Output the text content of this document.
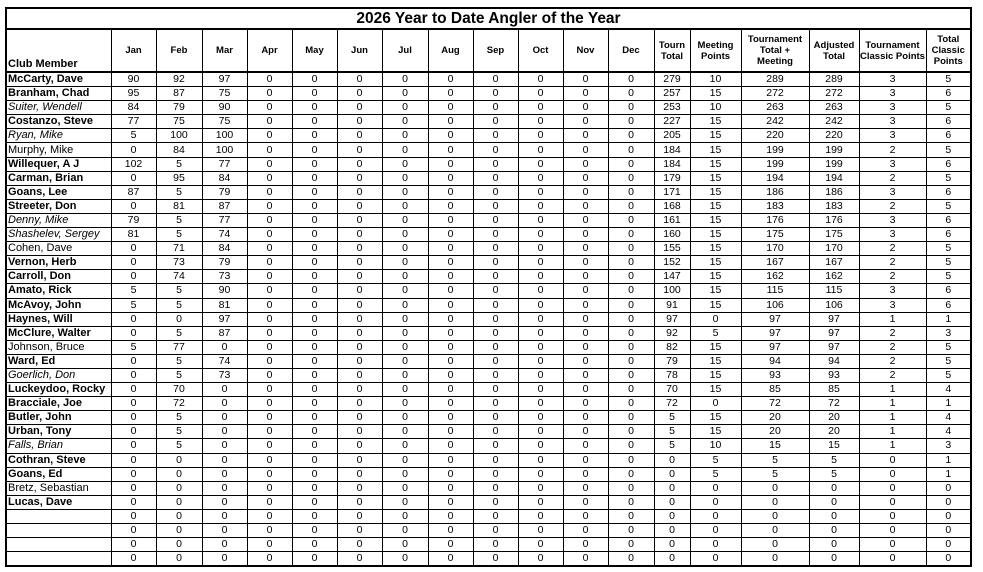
2026 Year to Date Angler of the Year
Club Member	Jan	Feb	Mar	Apr	May	Jun	Jul	Aug	Sep	Oct	Nov	Dec	Tourn Total	Meeting Points	Tournament Total + Meeting	Adjusted Total	Tournament Classic Points	Total Classic Points
McCarty, Dave	90	92	97	0	0	0	0	0	0	0	0	0	279	10	289	289	3	5
Branham, Chad	95	87	75	0	0	0	0	0	0	0	0	0	257	15	272	272	3	6
Suiter, Wendell	84	79	90	0	0	0	0	0	0	0	0	0	253	10	263	263	3	5
Costanzo, Steve	77	75	75	0	0	0	0	0	0	0	0	0	227	15	242	242	3	6
Ryan, Mike	5	100	100	0	0	0	0	0	0	0	0	0	205	15	220	220	3	6
Murphy, Mike	0	84	100	0	0	0	0	0	0	0	0	0	184	15	199	199	2	5
Willequer, A J	102	5	77	0	0	0	0	0	0	0	0	0	184	15	199	199	3	6
Carman, Brian	0	95	84	0	0	0	0	0	0	0	0	0	179	15	194	194	2	5
Goans, Lee	87	5	79	0	0	0	0	0	0	0	0	0	171	15	186	186	3	6
Streeter, Don	0	81	87	0	0	0	0	0	0	0	0	0	168	15	183	183	2	5
Denny, Mike	79	5	77	0	0	0	0	0	0	0	0	0	161	15	176	176	3	6
Shashelev, Sergey	81	5	74	0	0	0	0	0	0	0	0	0	160	15	175	175	3	6
Cohen, Dave	0	71	84	0	0	0	0	0	0	0	0	0	155	15	170	170	2	5
Vernon, Herb	0	73	79	0	0	0	0	0	0	0	0	0	152	15	167	167	2	5
Carroll, Don	0	74	73	0	0	0	0	0	0	0	0	0	147	15	162	162	2	5
Amato, Rick	5	5	90	0	0	0	0	0	0	0	0	0	100	15	115	115	3	6
McAvoy, John	5	5	81	0	0	0	0	0	0	0	0	0	91	15	106	106	3	6
Haynes, Will	0	0	97	0	0	0	0	0	0	0	0	0	97	0	97	97	1	1
McClure, Walter	0	5	87	0	0	0	0	0	0	0	0	0	92	5	97	97	2	3
Johnson, Bruce	5	77	0	0	0	0	0	0	0	0	0	0	82	15	97	97	2	5
Ward, Ed	0	5	74	0	0	0	0	0	0	0	0	0	79	15	94	94	2	5
Goerlich, Don	0	5	73	0	0	0	0	0	0	0	0	0	78	15	93	93	2	5
Luckeydoo, Rocky	0	70	0	0	0	0	0	0	0	0	0	0	70	15	85	85	1	4
Bracciale, Joe	0	72	0	0	0	0	0	0	0	0	0	0	72	0	72	72	1	1
Butler, John	0	5	0	0	0	0	0	0	0	0	0	0	5	15	20	20	1	4
Urban, Tony	0	5	0	0	0	0	0	0	0	0	0	0	5	15	20	20	1	4
Falls, Brian	0	5	0	0	0	0	0	0	0	0	0	0	5	10	15	15	1	3
Cothran, Steve	0	0	0	0	0	0	0	0	0	0	0	0	0	5	5	5	0	1
Goans, Ed	0	0	0	0	0	0	0	0	0	0	0	0	0	5	5	5	0	1
Bretz, Sebastian	0	0	0	0	0	0	0	0	0	0	0	0	0	0	0	0	0	0
Lucas, Dave	0	0	0	0	0	0	0	0	0	0	0	0	0	0	0	0	0	0
	0	0	0	0	0	0	0	0	0	0	0	0	0	0	0	0	0	0
	0	0	0	0	0	0	0	0	0	0	0	0	0	0	0	0	0	0
	0	0	0	0	0	0	0	0	0	0	0	0	0	0	0	0	0	0
	0	0	0	0	0	0	0	0	0	0	0	0	0	0	0	0	0	0
